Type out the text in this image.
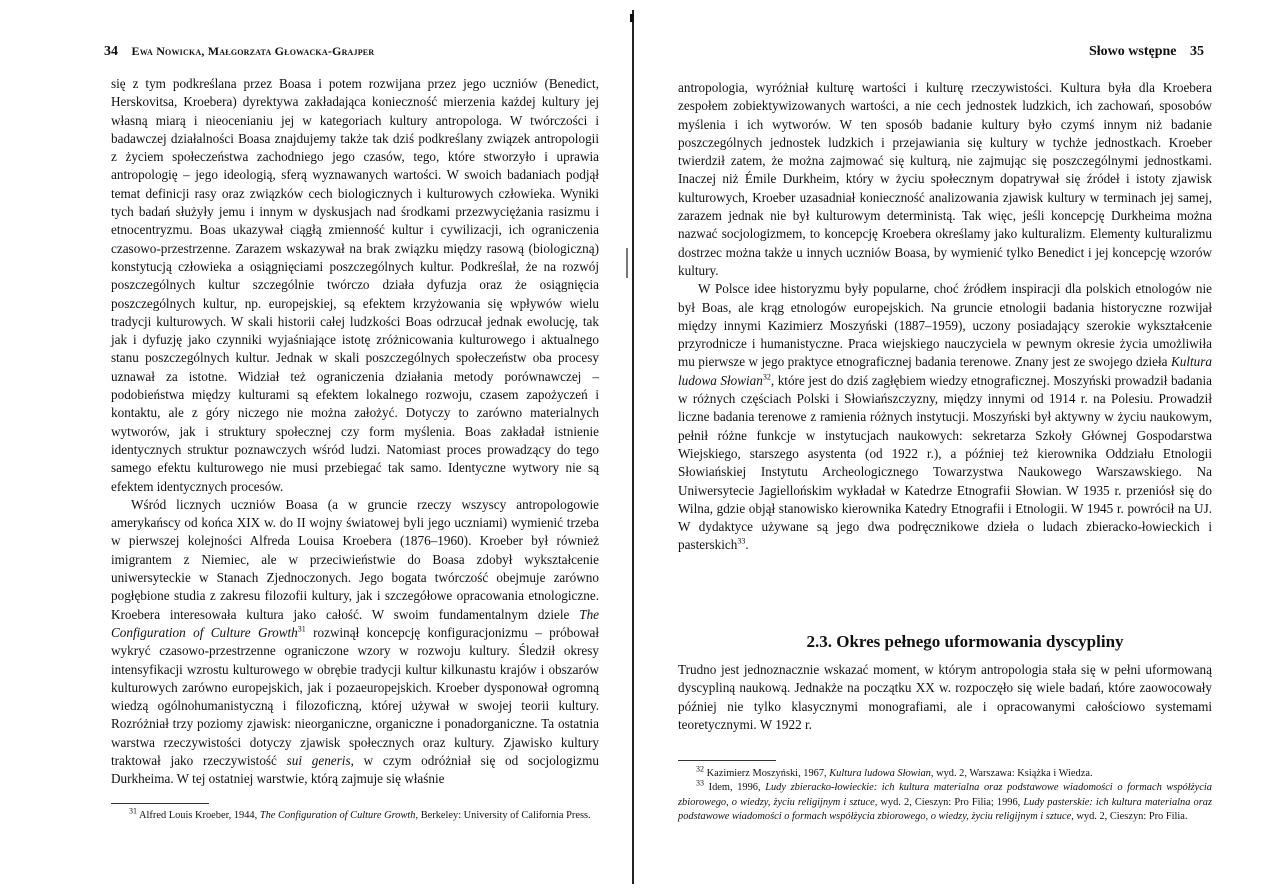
34 Ewa Nowicka, Małgorzata Głowacka-Grajper

się z tym podkreślana przez Boasa i potem rozwijana przez jego uczniów (Benedict, Herskovitsa, Kroebera) dyrektywa zakładająca konieczność mierzenia każdej kultury jej własną miarą i nieocenianiu jej w kategoriach kultury antropologa. W twórczości i badawczej działalności Boasa znajdujemy także tak dziś podkreślany związek antropologii z życiem społeczeństwa zachodniego jego czasów, tego, które stworzyło i uprawia antropologię – jego ideologią, sferą wyznawanych wartości. W swoich badaniach podjął temat definicji rasy oraz związków cech biologicznych i kulturowych człowieka. Wyniki tych badań służyły jemu i innym w dyskusjach nad środkami przezwyciężania rasizmu i etnocentryzmu. Boas ukazywał ciągłą zmienność kultur i cywilizacji, ich ograniczenia czasowo-przestrzenne. Zarazem wskazywał na brak związku między rasową (biologiczną) konstytucją człowieka a osiągnięciami poszczególnych kultur. Podkreślał, że na rozwój poszczególnych kultur szczególnie twórczo działa dyfuzja oraz że osiągnięcia poszczególnych kultur, np. europejskiej, są efektem krzyżowania się wpływów wielu tradycji kulturowych. W skali historii całej ludzkości Boas odrzucał jednak ewolucję, tak jak i dyfuzję jako czynniki wyjaśniające istotę zróżnicowania kulturowego i aktualnego stanu poszczególnych kultur. Jednak w skali poszczególnych społeczeństw oba procesy uznawał za istotne. Widział też ograniczenia działania metody porównawczej – podobieństwa między kulturami są efektem lokalnego rozwoju, czasem zapożyczeń i kontaktu, ale z góry niczego nie można założyć. Dotyczy to zarówno materialnych wytworów, jak i struktury społecznej czy form myślenia. Boas zakładał istnienie identycznych struktur poznawczych wśród ludzi. Natomiast proces prowadzący do tego samego efektu kulturowego nie musi przebiegać tak samo. Identyczne wytwory nie są efektem identycznych procesów.

Wśród licznych uczniów Boasa (a w gruncie rzeczy wszyscy antropologowie amerykańscy od końca XIX w. do II wojny światowej byli jego uczniami) wymienić trzeba w pierwszej kolejności Alfreda Louisa Kroebera (1876–1960). Kroeber był również imigrantem z Niemiec, ale w przeciwieństwie do Boasa zdobył wykształcenie uniwersyteckie w Stanach Zjednoczonych. Jego bogata twórczość obejmuje zarówno pogłębione studia z zakresu filozofii kultury, jak i szczegółowe opracowania etnologiczne. Kroebera interesowała kultura jako całość. W swoim fundamentalnym dziele The Configuration of Culture Growth$^{31}$ rozwinął koncepcję konfiguracjonizmu – próbował wykryć czasowo-przestrzenne ograniczone wzory w rozwoju kultury. Śledził okresy intensyfikacji wzrostu kulturowego w obrębie tradycji kultur kilkunastu krajów i obszarów kulturowych zarówno europejskich, jak i pozaeuropejskich. Kroeber dysponował ogromną wiedzą ogólnohumanistyczną i filozoficzną, której używał w swojej teorii kultury. Rozróżniał trzy poziomy zjawisk: nieorganiczne, organiczne i ponadorganiczne. Ta ostatnia warstwa rzeczywistości dotyczy zjawisk społecznych oraz kultury. Zjawisko kultury traktował jako rzeczywistość sui generis, w czym odróżniał się od socjologizmu Durkheima. W tej ostatniej warstwie, którą zajmuje się właśnie

$^{31}$ Alfred Louis Kroeber, 1944, The Configuration of Culture Growth, Berkeley: University of California Press.

Słowo wstępne 35

antropologia, wyróżniał kulturę wartości i kulturę rzeczywistości. Kultura była dla Kroebera zespołem zobiektywizowanych wartości, a nie cech jednostek ludzkich, ich zachowań, sposobów myślenia i ich wytworów. W ten sposób badanie kultury było czymś innym niż badanie poszczególnych jednostek ludzkich i przejawiania się kultury w tychże jednostkach. Kroeber twierdził zatem, że można zajmować się kulturą, nie zajmując się poszczególnymi jednostkami. Inaczej niż Émile Durkheim, który w życiu społecznym dopatrywał się źródeł i istoty zjawisk kulturowych, Kroeber uzasadniał konieczność analizowania zjawisk kultury w terminach jej samej, zarazem jednak nie był kulturowym deterministą. Tak więc, jeśli koncepcję Durkheima można nazwać socjologizmem, to koncepcję Kroebera określamy jako kulturalizm. Elementy kulturalizmu dostrzec można także u innych uczniów Boasa, by wymienić tylko Benedict i jej koncepcję wzorów kultury.

W Polsce idee historyzmu były popularne, choć źródłem inspiracji dla polskich etnologów nie był Boas, ale krąg etnologów europejskich. Na gruncie etnologii badania historyczne rozwijał między innymi Kazimierz Moszyński (1887–1959), uczony posiadający szerokie wykształcenie przyrodnicze i humanistyczne. Praca wiejskiego nauczyciela w pewnym okresie życia umożliwiła mu pierwsze w jego praktyce etnograficznej badania terenowe. Znany jest ze swojego dzieła Kultura ludowa Słowian$^{32}$, które jest do dziś zagłębiem wiedzy etnograficznej. Moszyński prowadził badania w różnych częściach Polski i Słowiańszczyzny, między innymi od 1914 r. na Polesiu. Prowadził liczne badania terenowe z ramienia różnych instytucji. Moszyński był aktywny w życiu naukowym, pełnił różne funkcje w instytucjach naukowych: sekretarza Szkoły Głównej Gospodarstwa Wiejskiego, starszego asystenta (od 1922 r.), a później też kierownika Oddziału Etnologii Słowiańskiej Instytutu Archeologicznego Towarzystwa Naukowego Warszawskiego. Na Uniwersytecie Jagiellońskim wykładał w Katedrze Etnografii Słowian. W 1935 r. przeniósł się do Wilna, gdzie objął stanowisko kierownika Katedry Etnografii i Etnologii. W 1945 r. powrócił na UJ. W dydaktyce używane są jego dwa podręcznikowe dzieła o ludach zbieracko-łowieckich i pasterskich$^{33}$.

2.3. Okres pełnego uformowania dyscypliny

Trudno jest jednoznacznie wskazać moment, w którym antropologia stała się w pełni uformowaną dyscypliną naukową. Jednakże na początku XX w. rozpoczęło się wiele badań, które zaowocowały później nie tylko klasycznymi monografiami, ale i opracowanymi całościowo systemami teoretycznymi. W 1922 r.

$^{32}$ Kazimierz Moszyński, 1967, Kultura ludowa Słowian, wyd. 2, Warszawa: Książka i Wiedza.

$^{33}$ Idem, 1996, Ludy zbieracko-łowieckie: ich kultura materialna oraz podstawowe wiadomości o formach współżycia zbiorowego, o wiedzy, życiu religijnym i sztuce, wyd. 2, Cieszyn: Pro Filia; 1996, Ludy pasterskie: ich kultura materialna oraz podstawowe wiadomości o formach współżycia zbiorowego, o wiedzy, życiu religijnym i sztuce, wyd. 2, Cieszyn: Pro Filia.
